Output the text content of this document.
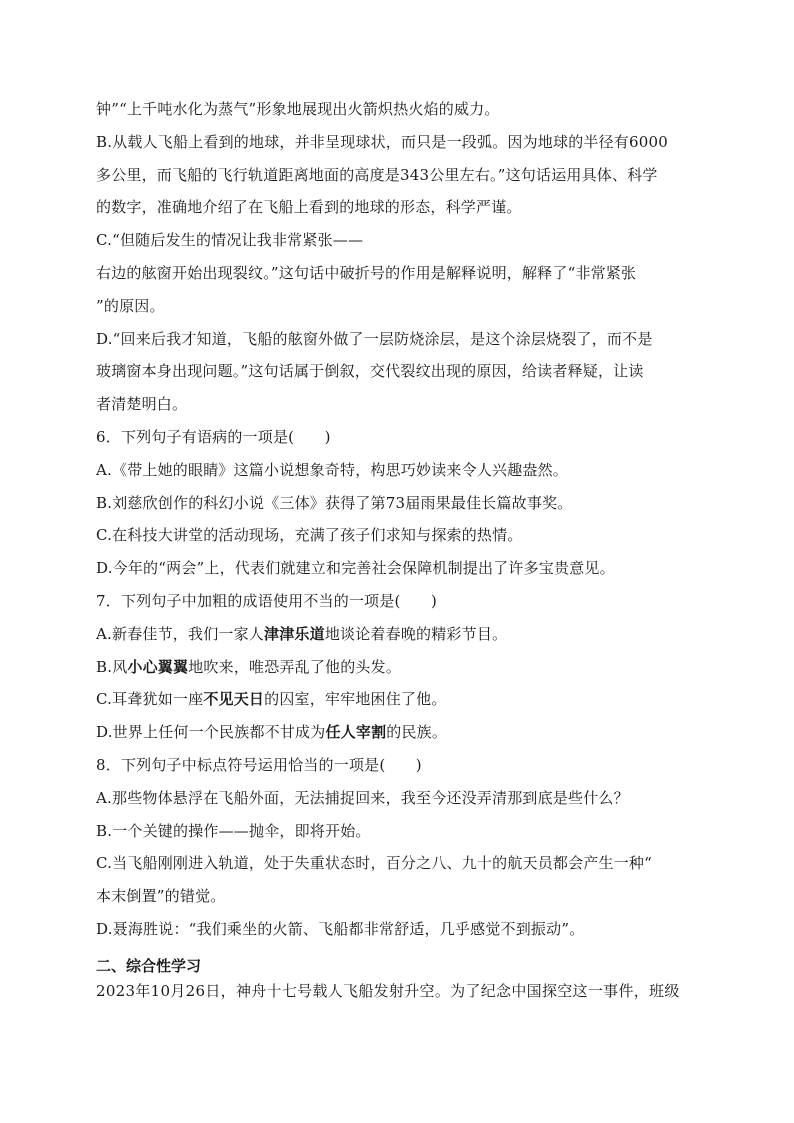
钟”“上千吨水化为蒸气”形象地展现出火箭炽热火焰的威力。
B.从载人飞船上看到的地球，并非呈现球状，而只是一段弧。因为地球的半径有6000
多公里，而飞船的飞行轨道距离地面的高度是343公里左右。”这句话运用具体、科学
的数字，准确地介绍了在飞船上看到的地球的形态，科学严谨。
C.“但随后发生的情况让我非常紧张——
右边的舷窗开始出现裂纹。”这句话中破折号的作用是解释说明，解释了“非常紧张
”的原因。
D.“回来后我才知道，飞船的舷窗外做了一层防烧涂层，是这个涂层烧裂了，而不是
玻璃窗本身出现问题。”这句话属于倒叙，交代裂纹出现的原因，给读者释疑，让读
者清楚明白。
6．下列句子有语病的一项是(　　)
A.《带上她的眼睛》这篇小说想象奇特，构思巧妙读来令人兴趣盎然。
B.刘慈欣创作的科幻小说《三体》获得了第73届雨果最佳长篇故事奖。
C.在科技大讲堂的活动现场，充满了孩子们求知与探索的热情。
D.今年的“两会”上，代表们就建立和完善社会保障机制提出了许多宝贵意见。
7．下列句子中加粗的成语使用不当的一项是(　　)
A.新春佳节，我们一家人津津乐道地谈论着春晚的精彩节目。
B.风小心翼翼地吹来，唯恐弄乱了他的头发。
C.耳聋犹如一座不见天日的囚室，牢牢地困住了他。
D.世界上任何一个民族都不甘成为任人宰割的民族。
8．下列句子中标点符号运用恰当的一项是(　　)
A.那些物体悬浮在飞船外面，无法捕捉回来，我至今还没弄清那到底是些什么？
B.一个关键的操作——抛伞，即将开始。
C.当飞船刚刚进入轨道，处于失重状态时，百分之八、九十的航天员都会产生一种“
本末倒置”的错觉。
D.聂海胜说：“我们乘坐的火箭、飞船都非常舒适，几乎感觉不到振动”。
二、综合性学习
2023年10月26日，神舟十七号载人飞船发射升空。为了纪念中国探空这一事件，班级
